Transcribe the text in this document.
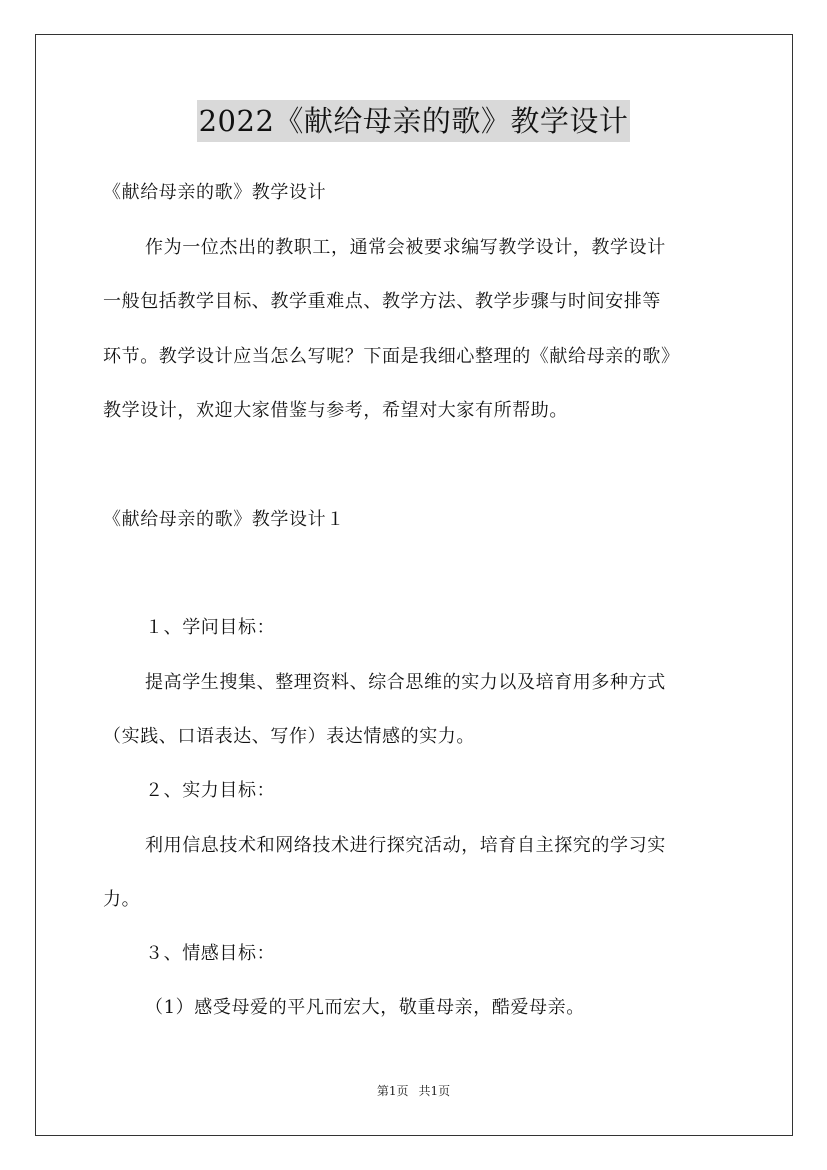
2022《献给母亲的歌》教学设计
《献给母亲的歌》教学设计
作为一位杰出的教职工，通常会被要求编写教学设计，教学设计
一般包括教学目标、教学重难点、教学方法、教学步骤与时间安排等
环节。教学设计应当怎么写呢？下面是我细心整理的《献给母亲的歌》
教学设计，欢迎大家借鉴与参考，希望对大家有所帮助。
《献给母亲的歌》教学设计１
１、学问目标：
提高学生搜集、整理资料、综合思维的实力以及培育用多种方式
（实践、口语表达、写作）表达情感的实力。
２、实力目标：
利用信息技术和网络技术进行探究活动，培育自主探究的学习实
力。
３、情感目标：
（1）感受母爱的平凡而宏大，敬重母亲，酷爱母亲。
第1页 共1页
